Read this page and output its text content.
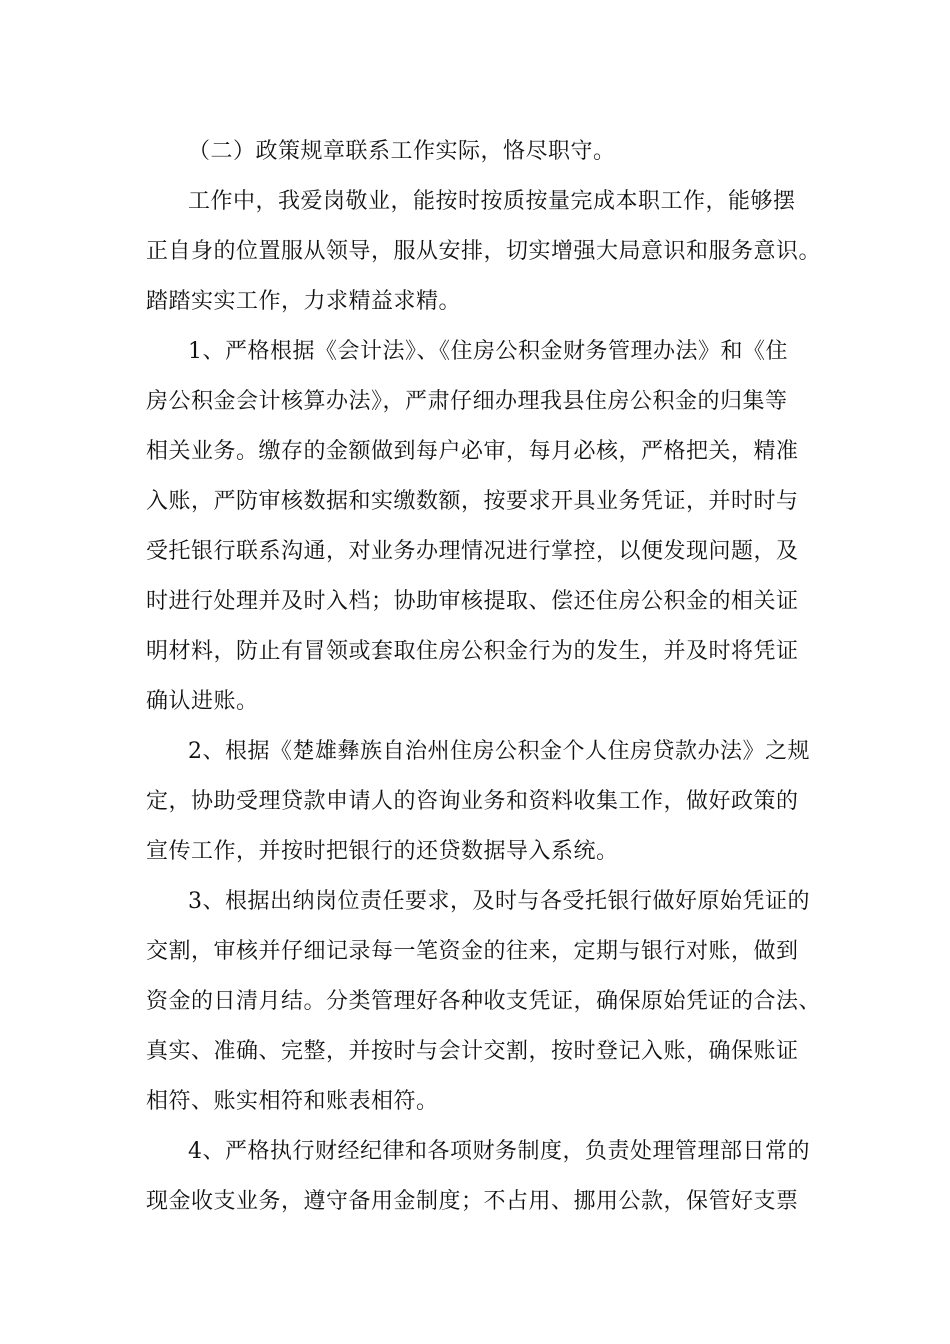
（二）政策规章联系工作实际，恪尽职守。
工作中，我爱岗敬业，能按时按质按量完成本职工作，能够摆
正自身的位置服从领导，服从安排，切实增强大局意识和服务意识。
踏踏实实工作，力求精益求精。
1、严格根据《会计法》、《住房公积金财务管理办法》和《住
房公积金会计核算办法》，严肃仔细办理我县住房公积金的归集等
相关业务。缴存的金额做到每户必审，每月必核，严格把关，精准
入账，严防审核数据和实缴数额，按要求开具业务凭证，并时时与
受托银行联系沟通，对业务办理情况进行掌控，以便发现问题，及
时进行处理并及时入档；协助审核提取、偿还住房公积金的相关证
明材料，防止有冒领或套取住房公积金行为的发生，并及时将凭证
确认进账。
2、根据《楚雄彝族自治州住房公积金个人住房贷款办法》之规
定，协助受理贷款申请人的咨询业务和资料收集工作，做好政策的
宣传工作，并按时把银行的还贷数据导入系统。
3、根据出纳岗位责任要求，及时与各受托银行做好原始凭证的
交割，审核并仔细记录每一笔资金的往来，定期与银行对账，做到
资金的日清月结。分类管理好各种收支凭证，确保原始凭证的合法、
真实、准确、完整，并按时与会计交割，按时登记入账，确保账证
相符、账实相符和账表相符。
4、严格执行财经纪律和各项财务制度，负责处理管理部日常的
现金收支业务，遵守备用金制度；不占用、挪用公款，保管好支票
